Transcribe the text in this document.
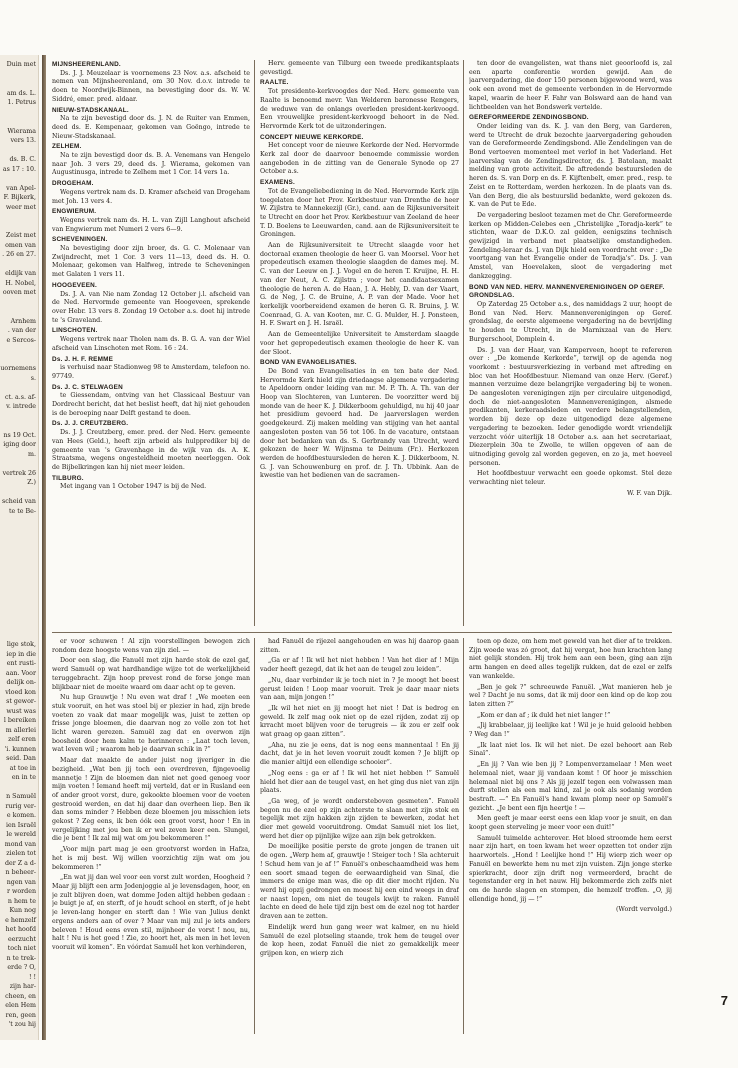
Duin met

am ds. L.
1. Petrus

Wierama
vers 13.

ds. B. C.
as 17 : 10.

van Apel-
F. Bijkerk,
weer met

Zeist met
omen van
. 26 en 27.

eldijk van
H. Nobel,
ooven met

Arnhem
. van der
e Sercos-

uornemens
s.

ct. a.s. af-
v. intrede

ns 19 Oct.
iging door
m.

vertrek 26
Z.)

scheid van
te te Be-
lige stok,
iep in die
ent rusti-
aan. Voor
delijk on-
vloed kon
st gewor-
wust was
l bereiken
m allerlei
zelf eren
'i. kunnen
seid. Dan
at toe in
en in te

n Samuël
rurig ver-
e komen.
ien Israël
le wereld
mond van
zielen tot
der Z a d-
n beheer-
ngen van
r worden
n hem te
Kun nog
e hemzelf
het hoofd
eerzucht
toch niet
n te trek-
erde ? O,
! !
zijn har-
cheen, en
elen Hem
ren, geen
't zou hij
MIJNSHEERENLAND.
Ds. J. J. Meuzelaar is voornemens 23 Nov. a.s. afscheid te nemen van Mijnsheerenland, om 30 Nov. d.o.v. intrede te doen te Noordwijk-Binnen, na bevestiging door ds. W. W. Siddré, emer. pred. aldaar.
NIEUW-STADSKANAAL.
Na te zijn bevestigd door ds. J. N. de Ruiter van Emmen, deed ds. E. Kempenaar, gekomen van Goëngo, intrede te Nieuw-Stadskanaal.
ZELHEM.
Na te zijn bevestigd door ds. B. A. Venemans van Hengelo naar Joh. 3 vers 29, deed ds. J. Wierama, gekomen van Augustinusga, intrede te Zelhem met 1 Cor. 14 vers 1a.
DROGEHAM.
Wegens vertrek nam ds. D. Kramer afscheid van Drogeham met Joh. 13 vers 4.
ENGWIERUM.
Wegens vertrek nam ds. H. L. van Zijll Langhout afscheid van Engwierum met Numeri 2 vers 6—9.
SCHEVENINGEN.
Na bevestiging door zijn broer, ds. G. C. Molenaar van Zwijndrecht, met 1 Cor. 3 vers 11—13, deed ds. H. O. Molenaar, gekomen van Halfweg, intrede te Scheveningen met Galaten 1 vers 11.
HOOGEVEEN.
Ds. J. A. van Nie nam Zondag 12 October j.l. afscheid van de Ned. Hervormde gemeente van Hoogeveen, sprekende over Hebr. 13 vers 8. Zondag 19 October a.s. doet hij intrede te 's Graveland.
LINSCHOTEN.
Wegens vertrek naar Tholen nam ds. B. G. A. van der Wiel afscheid van Linschoten met Rom. 16 : 24.
Ds. J. H. F. REMME
is verhuisd naar Stadionweg 98 te Amsterdam, telefoon no. 97749.
Ds. J. C. STELWAGEN
te Giessendam, ontving van het Classicaal Bestuur van Dordrecht bericht, dat het beslist heeft, dat hij niet gehouden is de beroeping naar Delft gestand te doen.
Ds. J. J. CREUTZBERG.
Ds. J. J. Creutzberg, emer. pred. der Ned. Herv. gemeente van Hees (Geld.), heeft zijn arbeid als hulpprediker bij de gemeente van 's Gravenhage in de wijk van ds. A. K. Straatsma, wegens ongesteldheid moeten neerleggen. Ook de Bijbelkringen kan hij niet meer leiden.
TILBURG.
Met ingang van 1 October 1947 is bij de Ned.
Herv. gemeente van Tilburg een tweede predikantsplaats gevestigd.
RAALTE.
Tot presidente-kerkvoogdes der Ned. Herv. gemeente van Raalte is benoemd mevr. Van Welderen baronesse Rengers, de weduwe van de onlangs overleden president-kerkvoogd. Een vrouwelijke president-kerkvoogd behoort in de Ned. Hervormde Kerk tot de uitzonderingen.
CONCEPT NIEUWE KERKORDE.
Het concept voor de nieuwe Kerkorde der Ned. Hervormde Kerk zal door de daarvoor benoemde commissie worden aangeboden in de zitting van de Generale Synode op 27 October a.s.
EXAMENS.
Tot de Evangeliebediening in de Ned. Hervormde Kerk zijn toegelaten door het Prov. Kerkbestuur van Drenthe de heer W. Zijlstra te Mannekezijl (Gr.), cand. aan de Rijksuniversiteit te Utrecht en door het Prov. Kerkbestuur van Zeeland de heer T. D. Boelens te Leeuwarden, cand. aan de Rijksuniversiteit te Groningen.
Aan de Rijksuniversiteit te Utrecht slaagde voor het doctoraal examen theologie de heer G. van Moorsel. Voor het propedeutisch examen theologie slaagden de dames mej. M. C. van der Leeuw en J. J. Vogel en de heren T. Kruijne, H. H. van der Neut, A. C. Zijlstra ; voor het candidaatsexamen theologie de heren A. de Haan, J. A. Hebly, D. van der Vaart, G. de Neg, J. C. de Bruine, A. P. van der Made. Voor het kerkelijk voorbereidend examen de heren G. R. Bruins, J. W. Coenraad, G. A. van Kooten, mr. C. G. Mulder, H. J. Ponsteen, H. F. Swart en J. H. Israël.
Aan de Gemeentelijke Universiteit te Amsterdam slaagde voor het gepropedeutisch examen theologie de heer K. van der Sloot.
BOND VAN EVANGELISATIES.
De Bond van Evangelisaties in en ten bate der Ned. Hervormde Kerk hield zijn driedaagse algemene vergadering te Apeldoorn onder leiding van mr. M. P. Th. A. Th. van der Hoop van Slochteren, van Lunteren. De voorzitter werd bij monde van de heer K. J. Dikkerboom gehuldigd, nu hij 40 jaar het presidium gevoerd had. De jaarverslagen werden goedgekeurd. Zij maken melding van stijging van het aantal aangesloten posten van 56 tot 106. In de vacature, ontstaan door het bedanken van ds. S. Gerbrandy van Utrecht, werd gekozen de heer W. Wijnsma te Deinum (Fr.). Herkozen werden de hoofdbestuursleden de heren K. J. Dikkerboom, N. G. J. van Schouwenburg en prof. dr. J. Th. Ubbink. Aan de kwestie van het bedienen van de sacramen-
ten door de evangelisten, wat thans niet geoorloofd is, zal een aparte conferentie worden gewijd. Aan de jaarvergadering, die door 150 personen bijgewoond werd, was ook een avond met de gemeente verbonden in de Hervormde kapel, waarin de heer F. Fahr van Bolsward aan de hand van lichtbeelden van het Bondswerk vertelde.
GEREFORMEERDE ZENDINGSBOND.
Onder leiding van ds. K. J. van den Berg, van Garderen, werd te Utrecht de druk bezochte jaarvergadering gehouden van de Gereformeerde Zendingsbond. Alle Zendelingen van de Bond vertoeven momenteel met verlof in het Vaderland. Het jaarverslag van de Zendingsdirector, ds. J. Batelaan, maakt melding van grote activiteit. De aftredende bestuursleden de heren ds. S. van Dorp en ds. F. Kijftenbelt, emer. pred., resp. te Zeist en te Rotterdam, werden herkozen. In de plaats van ds. Van den Berg, die als bestuurslid bedankte, werd gekozen ds. K. van de Put te Ede.
De vergadering besloot tezamen met de Chr. Gereformeerde kerken op Midden-Celebes een „Christelijke „Toradja-kerk” te stichten, waar de D.K.O. zal gelden, eenigszins technisch gewijzigd in verband met plaatselijke omstandigheden. Zendeling-leraar ds. J. van Dijk hield een voordracht over : „De voortgang van het Evangelie onder de Toradja's”. Ds. J. van Amstel, van Hoevelaken, sloot de vergadering met dankzegging.
BOND VAN NED. HERV. MANNENVERENIGINGEN OP GEREF. GRONDSLAG.
Op Zaterdag 25 October a.s., des namiddags 2 uur, hoopt de Bond van Ned. Herv. Mannenverenigingen op Geref. grondslag, de eerste algemeene vergadering na de bevrijding te houden te Utrecht, in de Marnixzaal van de Herv. Burgerschool, Domplein 4.
Ds. J. van der Haar, van Kamperveen, hoopt te refereren over : „De komende Kerkorde”, terwijl op de agenda nog voorkomt : bestuursverkiezing in verband met aftreding en bloc van het Hoofdbestuur. Niemand van onze Herv. (Geref.) mannen verzuime deze belangrijke vergadering bij te wonen. De aangesloten verenigingen zijn per circulaire uitgenodigd, doch de niet-aangesloten Mannenverenigingen, alsmede predikanten, kerkeraadsleden en verdere belangstellenden, worden bij deze op deze uitgenodigd deze algemene vergadering te bezoeken. Ieder genodigde wordt vriendelijk verzocht vóór uiterlijk 18 October a.s. aan het secretariaat, Diezerplein 30a te Zwolle, te willen opgeven of aan de uitnodiging gevolg zal worden gegeven, en zo ja, met hoeveel personen.
Het hoofdbestuur verwacht een goede opkomst. Stel deze verwachting niet teleur.
W. F. van Dijk.
er voor schuwen ! Al zijn voorstellingen bewogen zich rondom deze hoogste wens van zijn ziel. —
Door een slag, die Fanuël met zijn harde stok de ezel gaf, werd Samuël op wat hardhandige wijze tot de werkelijkheid teruggebracht. Zijn hoop prevest rond de forse jonge man blijkbaar niet de moeite waard om daar acht op te geven.
Nu hup Grauwtje ! Nu even wat draf ! „We moeten een stuk vooruit, en het was stoel bij er plezier in had, zijn brede voeten zo vaak dat maar mogelijk was, juist te zetten op frisse jonge bloemen, die daarvan nog zo volle zon tot het licht waren gerezen. Samuël zag dat en overwon zijn boosheid door hem kalm te herinneren : „Laat toch leven, wat leven wil ; waarom heb je daarvan schik in ?”
Maar dat maakte de ander juist nog ijveriger in die bezigheid. „Wat ben jij toch een overdreven, fijngevoelig mannetje ! Zijn de bloemen dan niet net goed genoeg voor mijn voeten ! Iemand heeft mij verteld, dat er in Rusland een of ander groot vorst, dure, gekookte bloemen voor de voeten gestrooid werden, en dat hij daar dan overheen liep. Ben ik dan soms minder ? Hebben deze bloemen jou misschien iets gekost ? Zeg eens, ik ben óók een groot vorst, hoor ! En in vergelijking met jou ben ik er wel zeven keer een. Slungel, die je bent ! Ik zal mij wat om jou bekommeren !”
„Voor mijn part mag je een grootvorst worden in Hafza, het is mij best. Wij willen voorzichtig zijn wat om jou bekommeren !”
„En wat jij dan wel voor een vorst zult worden, Hoogheid ? Maar jij blijft een arm Jodenjoggie al je levensdagen, hoor, en je zult blijven doen, wat domme Joden altijd hebben gedaan : je buigt je af, en sterft, of je houdt school en sterft, of je hebt je leven-lang honger en sterft dan ! Wie van Julius denkt ergens anders aan of over ? Maar van mij zul je iets anders beleven ! Houd eens even stil, mijnheer de vorst ! nou, nu, halt ! Nu is het goed ! Zie, zo hoort het, als men in het leven vooruit wil komen”. En vóórdat Samuël het kon verhinderen,
had Fanuël de rijezel aangehouden en was hij daarop gaan zitten.
„Ga er af ! Ik wil het niet hebben ! Van het dier af ! Mijn vader heeft gezegd, dat ik het aan de teugel zou leiden”.
„Nu, daar verbinder ik je toch niet in ? Je moogt het beest gerust leiden ! Loop maar vooruit. Trek je daar maar niets van aan, mijn jongen !”
„Ik wil het niet en jij moogt het niet ! Dat is bedrog en geweld. Ik zelf mag ook niet op de ezel rijden, zodat zij op krracht moet blijven voor de terugreis — ik zou er zelf ook wat graag op gaan zitten”.
„Aha, nu zie je eens, dat is nog eens mannentaal ! En jij dacht, dat je in het leven vooruit zoudt komen ? Je blijft op die manier altijd een ellendige schooier”.
„Nog eens : ga er af ! Ik wil het niet hebben !” Samuël hield het dier aan de teugel vast, en het ging dus niet van zijn plaats.
„Ga weg, of je wordt ondersteboven gesmeten”. Fanuël begon nu de ezel op zijn achterste te slaan met zijn stok en tegelijk met zijn hakken zijn zijden te bewerken, zodat het dier met geweld vooruitdrong. Omdat Samuël niet los liet, werd het dier op pijnlijke wijze aan zijn bek getrokken.
De moeilijke positie perste de grote jongen de tranen uit de ogen. „Werp hem af, grauwtje ! Steiger toch ! Sla achteruit ! Schud hem van je af !” Fanuël's onbeschaamdheid was hem een soort smaad tegen de eerwaardigheid van Sinaï, die immers de enige man was, die op dit dier mocht rijden. Nu werd hij opzij gedrongen en moest hij een eind weegs in draf er naast lopen, om niet de teugels kwijt te raken. Fanuël lachte en deed de hele tijd zijn best om de ezel nog tot harder draven aan te zetten.
Eindelijk werd hun gang weer wat kalmer, en nu hield Samuël de ezel plotseling staande, trok hem de teugel over de kop heen, zodat Fanuël die niet zo gemakkelijk meer grijpen kon, en wierp zich
toen op deze, om hem met geweld van het dier af te trekken. Zijn woede was zó groot, dat hij vergat, hoe hun krachten lang niet gelijk stonden. Hij trok hem aan een been, ging aan zijn arm hangen en deed alles tegelijk rukken, dat de ezel er zelfs van wankelde.
„Ben je gek ?” schreeuwde Fanuël. „Wat manieren heb je wel ? Dacht je nu soms, dat ik mij door een kind op de kop zou laten zitten ?”
„Kom er dan af ; ik duld het niet langer !”
„Jij krabbelaar, jij leelijke kat ! Wil je je huid gelooid hebben ? Weg dan !”
„Ik laat niet los. Ik wil het niet. De ezel behoort aan Reb Sinaï”.
„En jij ? Van wie ben jij ? Lompenverzamelaar ! Men weet helemaal niet, waar jij vandaan komt ! Of hoor je misschien helemaal niet bij ons ? Als jij jezelf tegen een volwassen man durft stellen als een mal kind, zal je ook als sodanig worden bestraft. —” En Fanuël's hand kwam plomp neer op Samuël's gezicht. „Je bent een fijn heertje ! —
Men geeft je maar eerst eens een klap voor je snuit, en dan koopt geen sterveling je meer voor een duit!”
Samuël tuimelde achterover. Het bloed stroomde hem eerst naar zijn hart, en toen kwam het weer opzetten tot onder zijn haarwortels. „Hond ! Leelijke hond !” Hij wierp zich weer op Fanuël en bewerkte hem nu met zijn vuisten. Zijn jonge sterke spierkracht, door zijn drift nog vermeerderd, bracht de tegenstander erg in het nauw. Hij bekommerde zich zelfs niet om de harde slagen en stompen, die hemzelf troffen. „O, jij ellendige hond, jij — !”
(Wordt vervolgd.)
7
